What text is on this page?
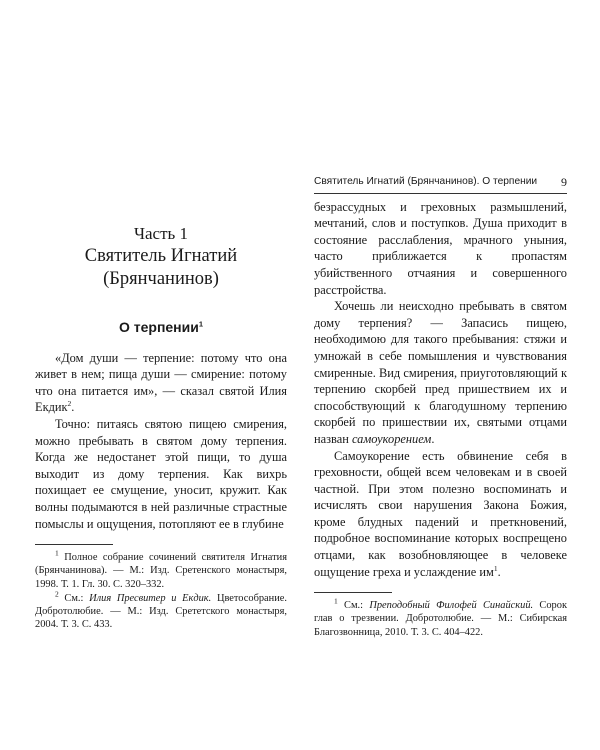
Часть 1
Святитель Игнатий
(Брянчанинов)
О терпении$^1$

«Дом души — терпение: потому что она живет в нем; пища души — смирение: потому что она питается им», — сказал святой Илия Екдик$^2$.

Точно: питаясь святою пищею смирения, можно пребывать в святом дому терпения. Когда же недостанет этой пищи, то душа выходит из дому терпения. Как вихрь похищает ее смущение, уносит, кружит. Как волны подымаются в ней различные страстные помыслы и ощущения, потопляют ее в глубине

$^1$ Полное собрание сочинений святителя Игнатия (Брянчанинова). — М.: Изд. Сретенского монастыря, 1998. Т. 1. Гл. 30. С. 320–332.

$^2$ См.: Илия Пресвитер и Екдик. Цветособрание. Добротолюбие. — М.: Изд. Срететского монастыря, 2004. Т. 3. С. 433.

Святитель Игнатий (Брянчанинов). О терпении 9

безрассудных и греховных размышлений, мечтаний, слов и поступков. Душа приходит в состояние расслабления, мрачного уныния, часто приближается к пропастям убийственного отчаяния и совершенного расстройства.

Хочешь ли неисходно пребывать в святом дому терпения? — Запасись пищею, необходимою для такого пребывания: стяжи и умножай в себе помышления и чувствования смиренные. Вид смирения, приуготовляющий к терпению скорбей пред пришествием их и способствующий к благодушному терпению скорбей по пришествии их, святыми отцами назван самоукорением.

Самоукорение есть обвинение себя в греховности, общей всем человекам и в своей частной. При этом полезно воспоминать и исчислять свои нарушения Закона Божия, кроме блудных падений и преткновений, подробное воспоминание которых воспрещено отцами, как возобновляющее в человеке ощущение греха и услаждение $им^1$.

$^1$ См.: Преподобный Филофей Синайский. Сорок глав о трезвении. Добротолюбие. — М.: Сибирская Благозвонница, 2010. Т. 3. С. 404–422.
